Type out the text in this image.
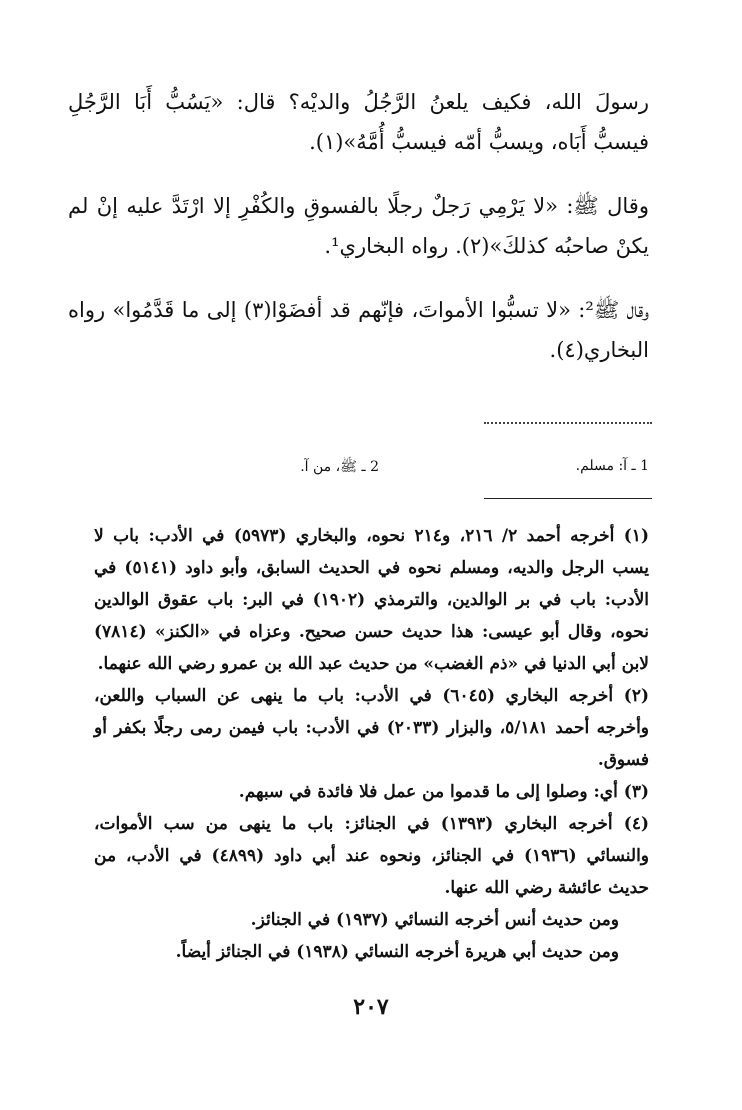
رسولَ الله، فكيف يلعنُ الرَّجُلُ والديْه؟ قال: «يَسُبُّ أَبَا الرَّجُلِ فيسبُّ أَبَاه، ويسبُّ أمّه فيسبُّ أُمَّهُ»(١).

وقال ﷺ: «لا يَرْمِي رَجلٌ رجلًا بالفسوقِ والكُفْرِ إلا ارْتَدَّ عليه إنْ لم يكنْ صاحبُه كذلكَ»(٢). رواه البخاري¹.

وقال ﷺ²: «لا تسبُّوا الأمواتَ، فإنّهم قد أفضَوْا(٣) إلى ما قَدَّمُوا» رواه البخاري(٤).

1 ـ آ: مسلم.
2 ـ ﷺ، من آ.

(١) أخرجه أحمد ٢/ ٢١٦، و٢١٤ نحوه، والبخاري (٥٩٧٣) في الأدب: باب لا يسب الرجل والديه، ومسلم نحوه في الحديث السابق، وأبو داود (٥١٤١) في الأدب: باب في بر الوالدين، والترمذي (١٩٠٢) في البر: باب عقوق الوالدين نحوه، وقال أبو عيسى: هذا حديث حسن صحيح. وعزاه في «الكنز» (٧٨١٤) لابن أبي الدنيا في «ذم الغضب» من حديث عبد الله بن عمرو رضي الله عنهما.

(٢) أخرجه البخاري (٦٠٤٥) في الأدب: باب ما ينهى عن السباب واللعن، وأخرجه أحمد ٥/١٨١، والبزار (٢٠٣٣) في الأدب: باب فيمن رمى رجلًا بكفر أو فسوق.

(٣) أي: وصلوا إلى ما قدموا من عمل فلا فائدة في سبهم.

(٤) أخرجه البخاري (١٣٩٣) في الجنائز: باب ما ينهى من سب الأموات، والنسائي (١٩٣٦) في الجنائز، ونحوه عند أبي داود (٤٨٩٩) في الأدب، من حديث عائشة رضي الله عنها.

ومن حديث أنس أخرجه النسائي (١٩٣٧) في الجنائز.

ومن حديث أبي هريرة أخرجه النسائي (١٩٣٨) في الجنائز أيضاً.

٢٠٧
